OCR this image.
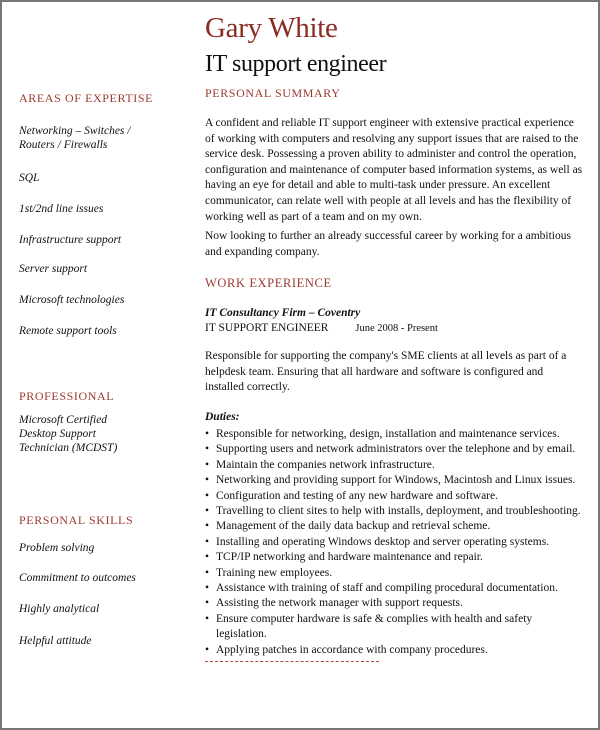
Gary White
IT support engineer
AREAS OF EXPERTISE
Networking – Switches / Routers / Firewalls
SQL
1st/2nd line issues
Infrastructure support
Server support
Microsoft technologies
Remote support tools
PROFESSIONAL
Microsoft Certified Desktop Support Technician (MCDST)
PERSONAL SKILLS
Problem solving
Commitment to outcomes
Highly analytical
Helpful attitude
PERSONAL SUMMARY
A confident and reliable IT support engineer with extensive practical experience of working with computers and resolving any support issues that are raised to the service desk. Possessing a proven ability to administer and control the operation, configuration and maintenance of computer based information systems, as well as having an eye for detail and able to multi-task under pressure. An excellent communicator, can relate well with people at all levels and has the flexibility of working well as part of a team and on my own.
Now looking to further an already successful career by working for a ambitious and expanding company.
WORK EXPERIENCE
IT Consultancy Firm – Coventry
IT SUPPORT ENGINEER	June 2008 - Present
Responsible for supporting the company's SME clients at all levels as part of a helpdesk team. Ensuring that all hardware and software is configured and installed correctly.
Duties:
• Responsible for networking, design, installation and maintenance services.
• Supporting users and network administrators over the telephone and by email.
• Maintain the companies network infrastructure.
• Networking and providing support for Windows, Macintosh and Linux issues.
• Configuration and testing of any new hardware and software.
• Travelling to client sites to help with installs, deployment, and troubleshooting.
• Management of the daily data backup and retrieval scheme.
• Installing and operating Windows desktop and server operating systems.
• TCP/IP networking and hardware maintenance and repair.
• Training new employees.
• Assistance with training of staff and compiling procedural documentation.
• Assisting the network manager with support requests.
• Ensure computer hardware is safe & complies with health and safety legislation.
• Applying patches in accordance with company procedures.
